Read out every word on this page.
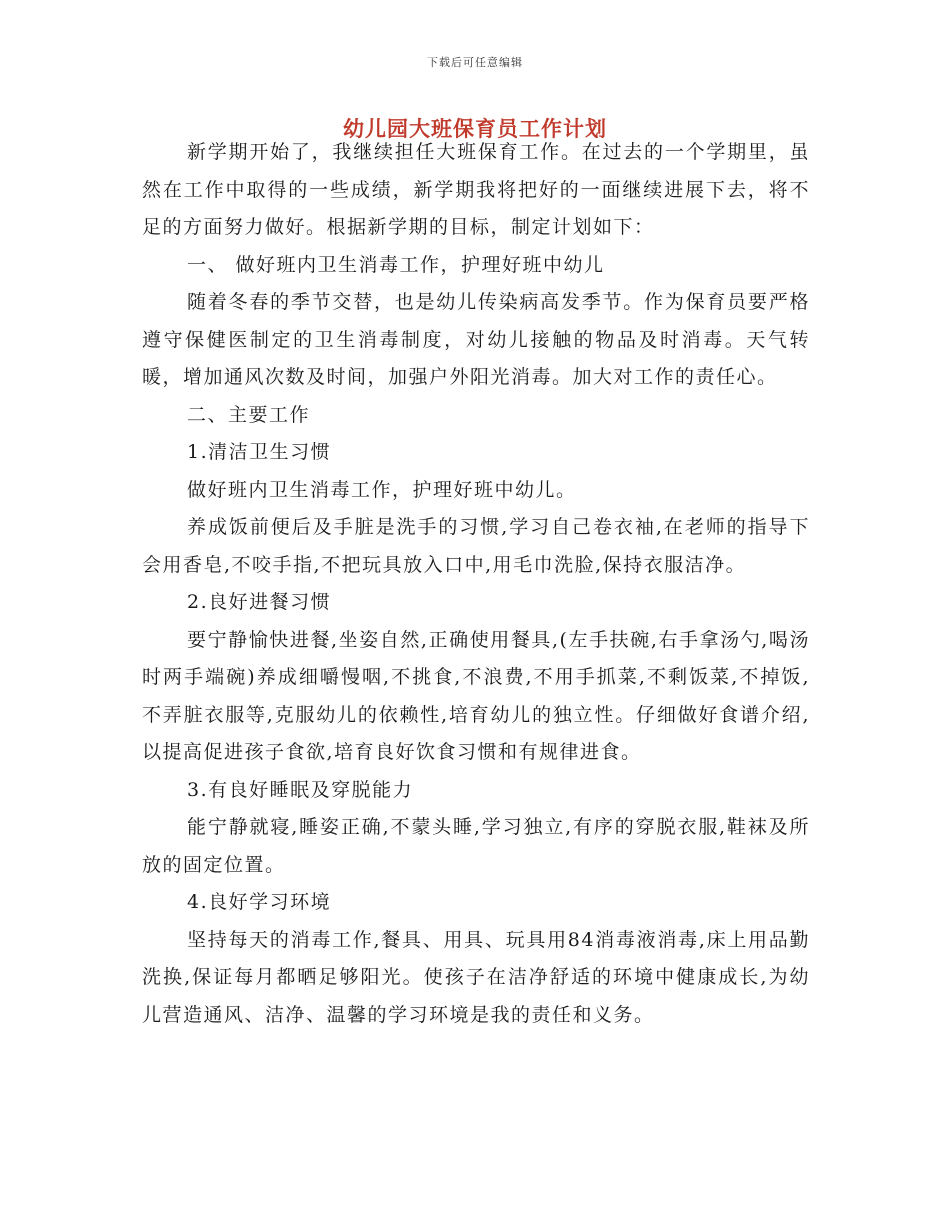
下载后可任意编辑
幼儿园大班保育员工作计划

新学期开始了，我继续担任大班保育工作。在过去的一个学期里，虽然在工作中取得的一些成绩，新学期我将把好的一面继续进展下去，将不足的方面努力做好。根据新学期的目标，制定计划如下：

一、 做好班内卫生消毒工作，护理好班中幼儿

随着冬春的季节交替，也是幼儿传染病高发季节。作为保育员要严格遵守保健医制定的卫生消毒制度，对幼儿接触的物品及时消毒。天气转暖，增加通风次数及时间，加强户外阳光消毒。加大对工作的责任心。

二、主要工作

1.清洁卫生习惯

做好班内卫生消毒工作，护理好班中幼儿。

养成饭前便后及手脏是洗手的习惯,学习自己卷衣袖,在老师的指导下会用香皂,不咬手指,不把玩具放入口中,用毛巾洗脸,保持衣服洁净。

2.良好进餐习惯

要宁静愉快进餐,坐姿自然,正确使用餐具,(左手扶碗,右手拿汤勺,喝汤时两手端碗)养成细嚼慢咽,不挑食,不浪费,不用手抓菜,不剩饭菜,不掉饭,不弄脏衣服等,克服幼儿的依赖性,培育幼儿的独立性。仔细做好食谱介绍,以提高促进孩子食欲,培育良好饮食习惯和有规律进食。

3.有良好睡眠及穿脱能力

能宁静就寝,睡姿正确,不蒙头睡,学习独立,有序的穿脱衣服,鞋袜及所放的固定位置。

4.良好学习环境

坚持每天的消毒工作,餐具、用具、玩具用84消毒液消毒,床上用品勤洗换,保证每月都晒足够阳光。使孩子在洁净舒适的环境中健康成长,为幼儿营造通风、洁净、温馨的学习环境是我的责任和义务。
